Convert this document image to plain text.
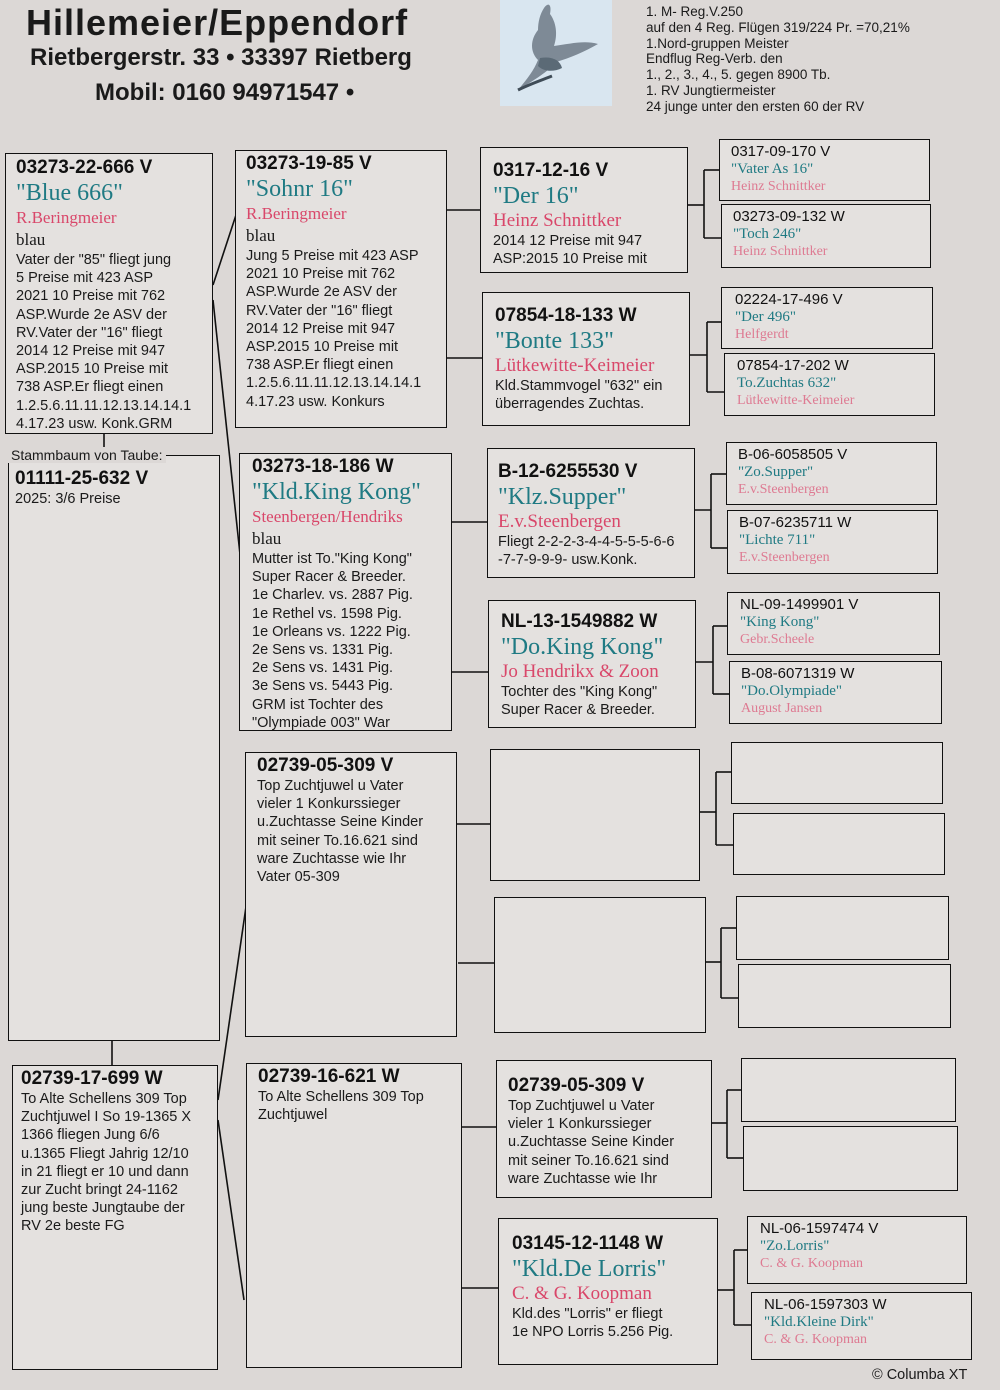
Hillemeier/Eppendorf
Rietbergerstr. 33 • 33397 Rietberg
Mobil: 0160 94971547 •
1. M- Reg.V.250
auf den 4 Reg. Flügen 319/224 Pr. =70,21%
1.Nord-gruppen Meister
Endflug Reg-Verb. den
1., 2., 3., 4., 5. gegen 8900 Tb.
1. RV Jungtiermeister
24 junge unter den ersten 60 der RV
03273-22-666 V
"Blue 666"
R.Beringmeier
blau
Vater der "85" fliegt jung
5 Preise mit 423 ASP
2021 10 Preise mit 762
ASP.Wurde 2e ASV der
RV.Vater der "16" fliegt
2014 12 Preise mit 947
ASP.2015 10 Preise mit
738 ASP.Er fliegt einen
1.2.5.6.11.11.12.13.14.14.1
4.17.23 usw. Konk.GRM
Stammbaum von Taube:
01111-25-632 V
2025: 3/6 Preise
02739-17-699 W
To Alte Schellens 309 Top
Zuchtjuwel I So 19-1365 X
1366 fliegen Jung 6/6
u.1365 Fliegt Jahrig 12/10
in 21 fliegt er 10 und dann
zur Zucht bringt 24-1162
jung beste Jungtaube der
RV 2e beste FG
03273-19-85 V
"Sohnr 16"
R.Beringmeier
blau
Jung 5 Preise mit 423 ASP
2021 10 Preise mit 762
ASP.Wurde 2e ASV der
RV.Vater der "16" fliegt
2014 12 Preise mit 947
ASP.2015 10 Preise mit
738 ASP.Er fliegt einen
1.2.5.6.11.11.12.13.14.14.1
4.17.23 usw. Konkurs
03273-18-186 W
"Kld.King Kong"
Steenbergen/Hendriks
blau
Mutter ist To."King Kong"
Super Racer & Breeder.
1e Charlev. vs. 2887 Pig.
1e Rethel vs. 1598 Pig.
1e Orleans vs. 1222 Pig.
2e Sens vs. 1331 Pig.
2e Sens vs. 1431 Pig.
3e Sens vs. 5443 Pig.
GRM ist Tochter des
"Olympiade 003" War
02739-05-309 V
Top Zuchtjuwel u Vater
vieler 1 Konkurssieger
u.Zuchtasse Seine Kinder
mit seiner To.16.621 sind
ware Zuchtasse wie Ihr
Vater 05-309
02739-16-621 W
To Alte Schellens 309 Top
Zuchtjuwel
0317-12-16 V
"Der 16"
Heinz Schnittker
2014 12 Preise mit 947
ASP:2015 10 Preise mit
07854-18-133 W
"Bonte 133"
Lütkewitte-Keimeier
Kld.Stammvogel "632" ein
überragendes Zuchtas.
B-12-6255530 V
"Klz.Supper"
E.v.Steenbergen
Fliegt 2-2-2-3-4-4-5-5-5-6-6
-7-7-9-9-9- usw.Konk.
NL-13-1549882 W
"Do.King Kong"
Jo Hendrikx & Zoon
Tochter des "King Kong"
Super Racer & Breeder.
02739-05-309 V
Top Zuchtjuwel u Vater
vieler 1 Konkurssieger
u.Zuchtasse Seine Kinder
mit seiner To.16.621 sind
ware Zuchtasse wie Ihr
03145-12-1148 W
"Kld.De Lorris"
C. & G. Koopman
Kld.des "Lorris" er fliegt
1e NPO Lorris 5.256 Pig.
0317-09-170 V
"Vater As 16"
Heinz Schnittker
03273-09-132 W
"Toch 246"
Heinz Schnittker
02224-17-496 V
"Der 496"
Helfgerdt
07854-17-202 W
To.Zuchtas 632"
Lütkewitte-Keimeier
B-06-6058505 V
"Zo.Supper"
E.v.Steenbergen
B-07-6235711 W
"Lichte 711"
E.v.Steenbergen
NL-09-1499901 V
"King Kong"
Gebr.Scheele
B-08-6071319 W
"Do.Olympiade"
August Jansen
NL-06-1597474 V
"Zo.Lorris"
C. & G. Koopman
NL-06-1597303 W
"Kld.Kleine Dirk"
C. & G. Koopman
© Columba XT
